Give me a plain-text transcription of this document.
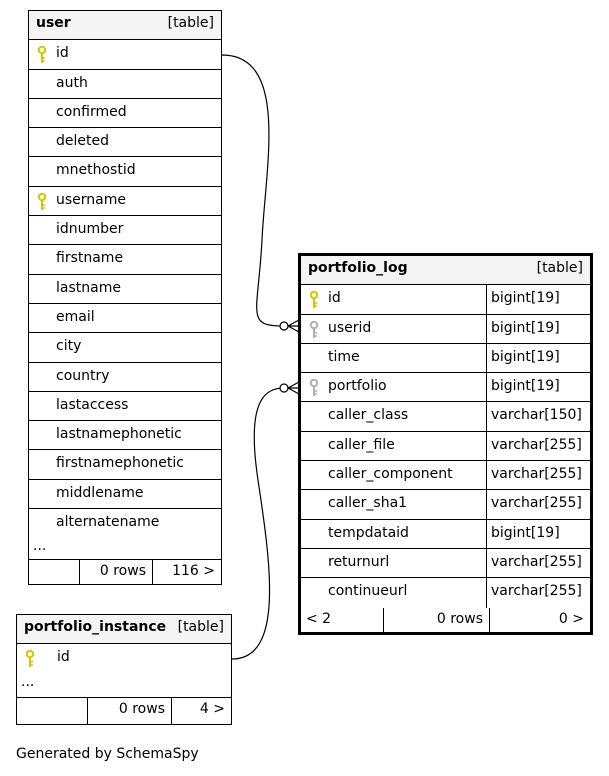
user	[table]
id
auth
confirmed
deleted
mnethostid
username
idnumber
firstname
lastname
email
city
country
lastaccess
lastnamephonetic
firstnamephonetic
middlename
alternatename
...
0 rows	116 >
portfolio_log	[table]
id	bigint[19]
userid	bigint[19]
time	bigint[19]
portfolio	bigint[19]
caller_class	varchar[150]
caller_file	varchar[255]
caller_component	varchar[255]
caller_sha1	varchar[255]
tempdataid	bigint[19]
returnurl	varchar[255]
continueurl	varchar[255]
< 2	0 rows	0 >
portfolio_instance [table]
id
...
0 rows	4 >
Generated by SchemaSpy
